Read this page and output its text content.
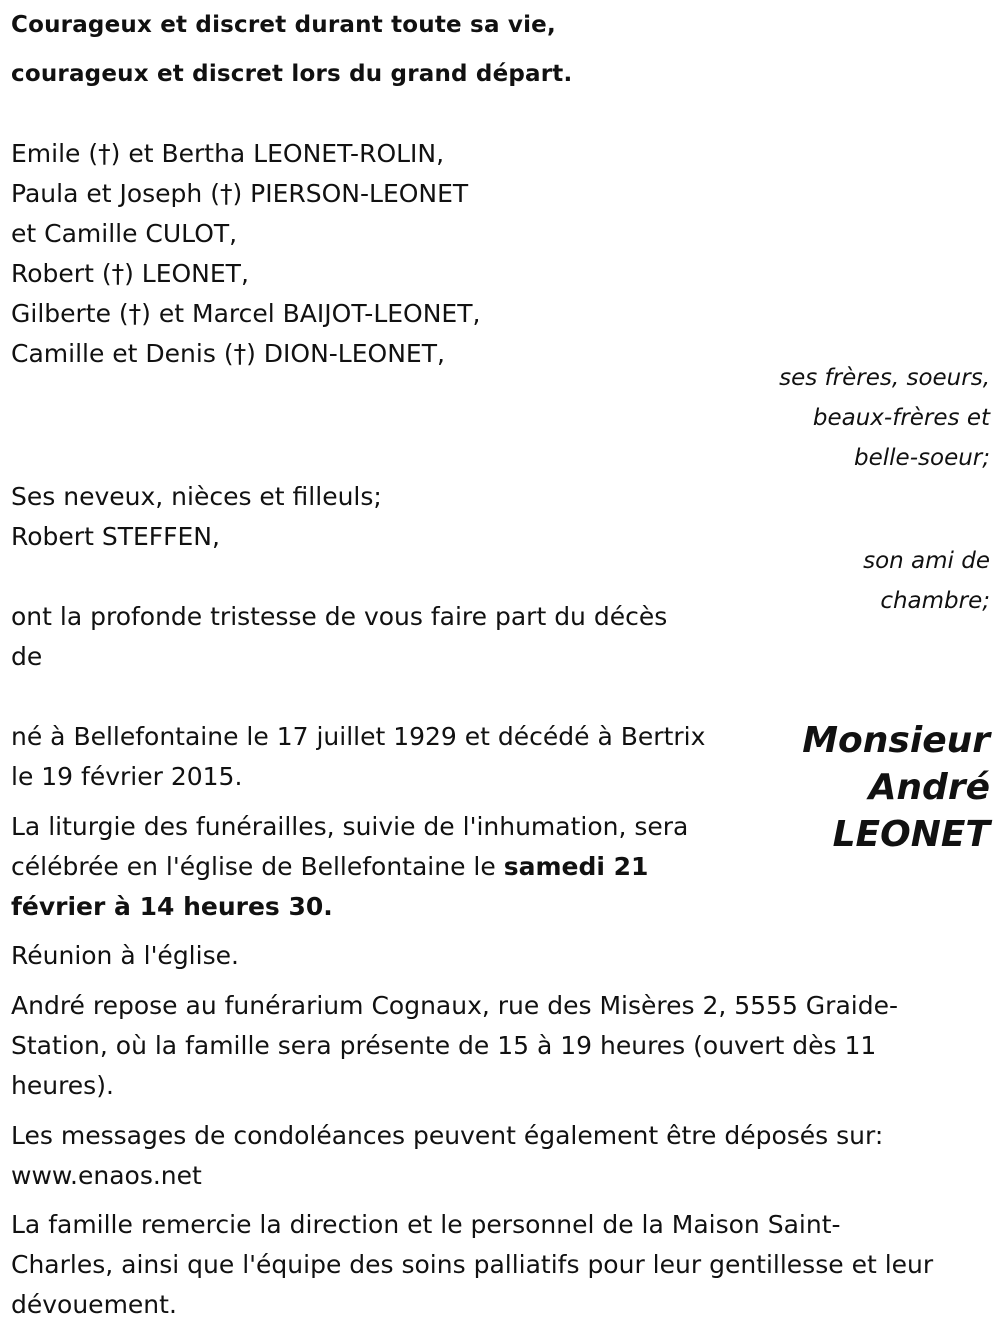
Courageux et discret durant toute sa vie,
courageux et discret lors du grand départ.
Emile (†) et Bertha LEONET-ROLIN,
Paula et Joseph (†) PIERSON-LEONET
et Camille CULOT,
Robert (†) LEONET,
Gilberte (†) et Marcel BAIJOT-LEONET,
Camille et Denis (†) DION-LEONET,
ses frères, soeurs,
beaux-frères et
belle-soeur;
Ses neveux, nièces et filleuls;
Robert STEFFEN,
son ami de
chambre;
ont la profonde tristesse de vous faire part du décès
de
Monsieur
André
LEONET
né à Bellefontaine le 17 juillet 1929 et décédé à Bertrix
le 19 février 2015.
La liturgie des funérailles, suivie de l'inhumation, sera
célébrée en l'église de Bellefontaine le samedi 21
février à 14 heures 30.
Réunion à l'église.
André repose au funérarium Cognaux, rue des Misères 2, 5555 Graide-
Station, où la famille sera présente de 15 à 19 heures (ouvert dès 11
heures).
Les messages de condoléances peuvent également être déposés sur:
www.enaos.net
La famille remercie la direction et le personnel de la Maison Saint-
Charles, ainsi que l'équipe des soins palliatifs pour leur gentillesse et leur
dévouement.
